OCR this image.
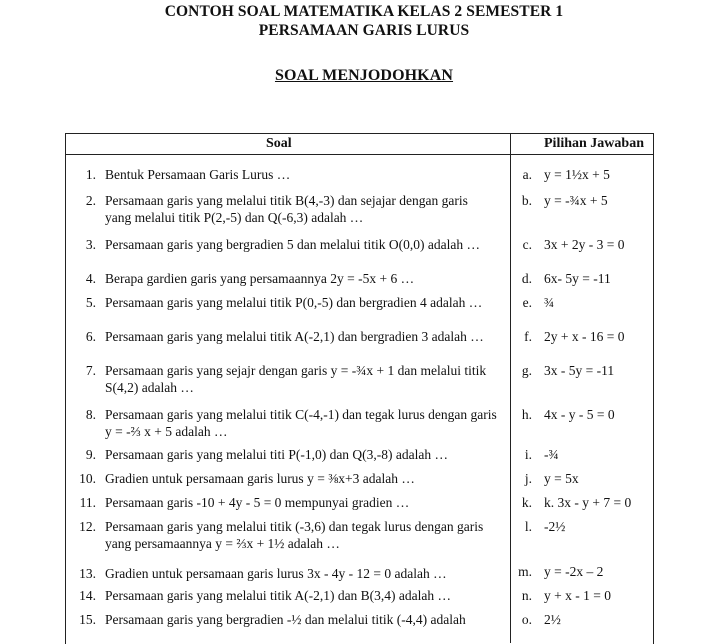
CONTOH SOAL MATEMATIKA KELAS 2 SEMESTER 1
PERSAMAAN GARIS LURUS
SOAL MENJODOHKAN
Soal	Pilihan Jawaban
1. Bentuk Persamaan Garis Lurus …
2. Persamaan garis yang melalui titik B(4,-3) dan sejajar dengan garis yang melalui titik P(2,-5) dan Q(-6,3) adalah …
3. Persamaan garis yang bergradien 5 dan melalui titik O(0,0) adalah …
4. Berapa gardien garis yang persamaannya 2y = -5x + 6 …
5. Persamaan garis yang melalui titik P(0,-5) dan bergradien 4 adalah …
6. Persamaan garis yang melalui titik A(-2,1) dan bergradien 3 adalah …
7. Persamaan garis yang sejajr dengan garis y = -¾x + 1 dan melalui titik S(4,2) adalah …
8. Persamaan garis yang melalui titik C(-4,-1) dan tegak lurus dengan garis y = -⅔ x + 5 adalah …
9. Persamaan garis yang melalui titi P(-1,0) dan Q(3,-8) adalah …
10. Gradien untuk persamaan garis lurus y = ⅜x+3 adalah …
11. Persamaan garis -10 + 4y - 5 = 0 mempunyai gradien …
12. Persamaan garis yang melalui titik (-3,6) dan tegak lurus dengan garis yang persamaannya y = ⅔x + 1½ adalah …
13. Gradien untuk persamaan garis lurus 3x - 4y - 12 = 0 adalah …
14. Persamaan garis yang melalui titik A(-2,1) dan B(3,4) adalah …
15. Persamaan garis yang bergradien -½ dan melalui titik (-4,4) adalah
a. y = 1½x + 5
b. y = -¾x + 5
c. 3x + 2y - 3 = 0
d. 6x- 5y = -11
e. ¾
f. 2y + x - 16 = 0
g. 3x - 5y = -11
h. 4x - y - 5 = 0
i. -¾
j. y = 5x
k. k. 3x - y + 7 = 0
l. -2½
m. y = -2x – 2
n. y + x - 1 = 0
o. 2½
